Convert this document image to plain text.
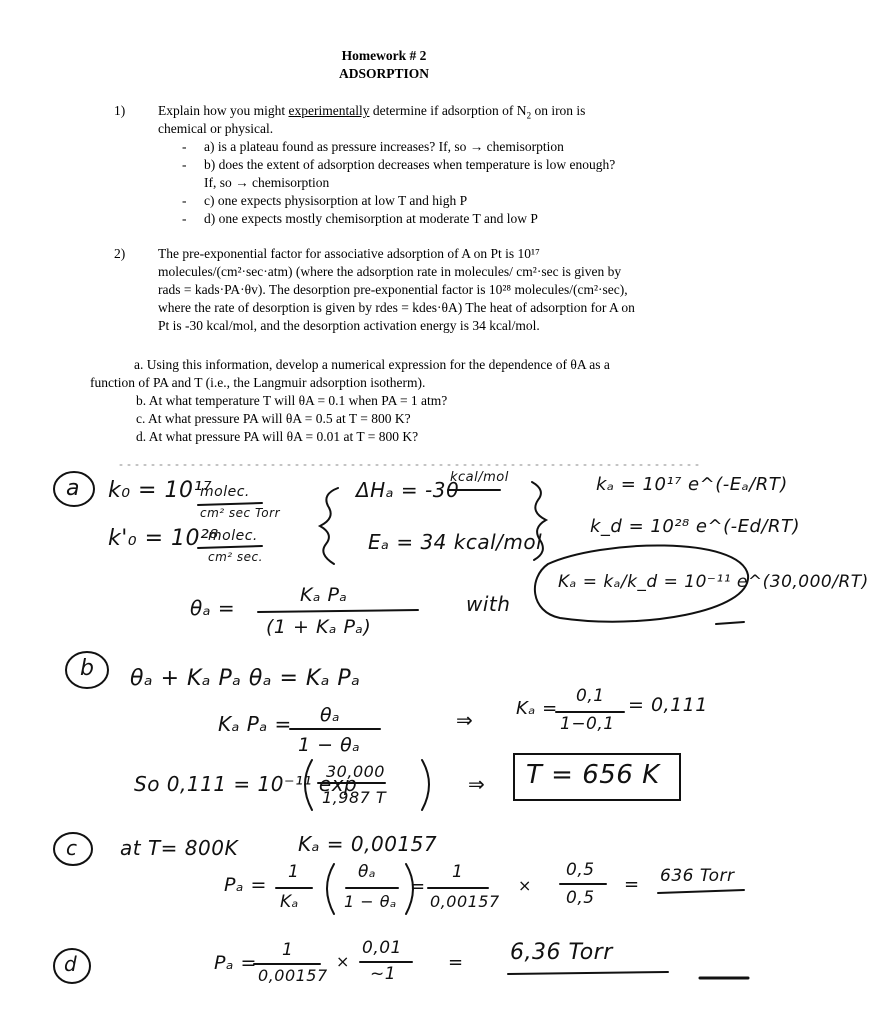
Homework # 2
ADSORPTION
1) Explain how you might experimentally determine if adsorption of $N_2$ on iron is
chemical or physical.
- a) is a plateau found as pressure increases? If, so → chemisorption
- b) does the extent of adsorption decreases when temperature is low enough?
If, so → chemisorption
- c) one expects physisorption at low T and high P
- d) one expects mostly chemisorption at moderate T and low P
2) The pre-exponential factor for associative adsorption of A on Pt is 10¹⁷
molecules/(cm²·sec·atm) (where the adsorption rate in molecules/ cm²·sec is given by
rads = kads·PA·θv). The desorption pre-exponential factor is 10²⁸ molecules/(cm²·sec),
where the rate of desorption is given by rdes = kdes·θA) The heat of adsorption for A on
Pt is -30 kcal/mol, and the desorption activation energy is 34 kcal/mol.
a. Using this information, develop a numerical expression for the dependence of θA as a
function of PA and T (i.e., the Langmuir adsorption isotherm).
b. At what temperature T will θA = 0.1 when PA = 1 atm?
c. At what pressure PA will θA = 0.5 at T = 800 K?
d. At what pressure PA will θA = 0.01 at T = 800 K?
a k₀ = 10¹⁷
molec.
cm² sec Torr
k'₀ = 10²⁸
molec.
cm² sec.
ΔHₐ = -30
kcal/mol
Eₐ = 34 kcal/mol
kₐ = 10¹⁷ e^(-Eₐ/RT)
k_d = 10²⁸ e^(-Ed/RT)
Kₐ = kₐ/k_d = 10⁻¹¹ e^(30,000/RT)
θₐ =
Kₐ Pₐ
(1 + Kₐ Pₐ)
with
b θₐ + Kₐ Pₐ θₐ = Kₐ Pₐ
Kₐ Pₐ = θₐ
1 − θₐ
⇒ Kₐ =
0,1
1−0,1
= 0,111
So 0,111 = 10⁻¹¹ exp
30,000
1,987 T
⇒ T = 656 K
c at T= 800K	Kₐ = 0,00157
Pₐ =
1
Kₐ
θₐ
1 − θₐ
=
1
0,00157
×
0,5
0,5
= 636 Torr
d	Pₐ =
1
0,00157
×
0,01
~1
= 6,36 Torr
